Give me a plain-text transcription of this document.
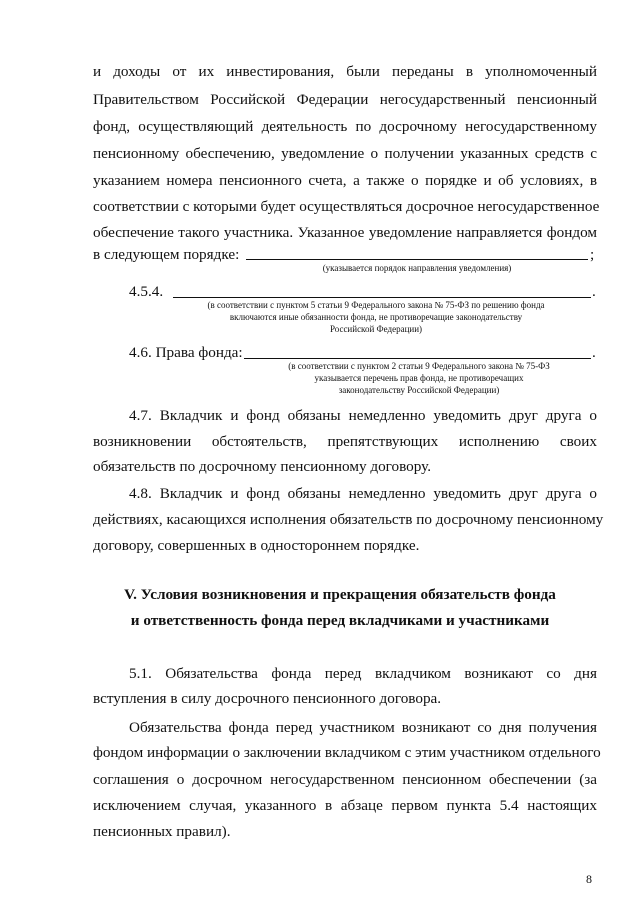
и доходы от их инвестирования, были переданы в уполномоченный
Правительством Российской Федерации негосударственный пенсионный
фонд, осуществляющий деятельность по досрочному негосударственному
пенсионному обеспечению, уведомление о получении указанных средств с
указанием номера пенсионного счета, а также о порядке и об условиях, в
соответствии с которыми будет осуществляться досрочное негосударственное
обеспечение такого участника. Указанное уведомление направляется фондом
в следующем порядке:	;
(указывается порядок направления уведомления)
4.5.4.	.
(в соответствии с пунктом 5 статьи 9 Федерального закона № 75-ФЗ по решению фонда
включаются иные обязанности фонда, не противоречащие законодательству
Российской Федерации)
4.6. Права фонда:	.
(в соответствии с пунктом 2 статьи 9 Федерального закона № 75-ФЗ
указывается перечень прав фонда, не противоречащих
законодательству Российской Федерации)
4.7. Вкладчик и фонд обязаны немедленно уведомить друг друга о
возникновении обстоятельств, препятствующих исполнению своих
обязательств по досрочному пенсионному договору.
4.8. Вкладчик и фонд обязаны немедленно уведомить друг друга о
действиях, касающихся исполнения обязательств по досрочному пенсионному
договору, совершенных в одностороннем порядке.
V. Условия возникновения и прекращения обязательств фонда
и ответственность фонда перед вкладчиками и участниками
5.1. Обязательства фонда перед вкладчиком возникают со дня
вступления в силу досрочного пенсионного договора.
Обязательства фонда перед участником возникают со дня получения
фондом информации о заключении вкладчиком с этим участником отдельного
соглашения о досрочном негосударственном пенсионном обеспечении (за
исключением случая, указанного в абзаце первом пункта 5.4 настоящих
пенсионных правил).
8
